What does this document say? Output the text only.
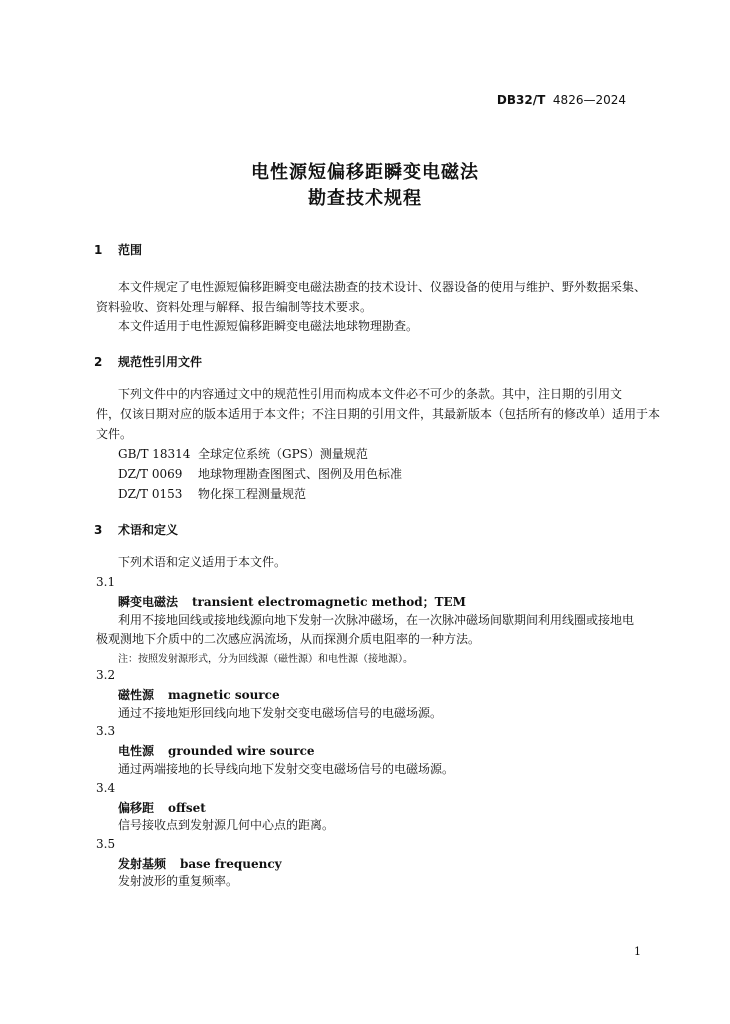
DB32/T 4826—2024
电性源短偏移距瞬变电磁法
勘查技术规程
1 范围
本文件规定了电性源短偏移距瞬变电磁法勘查的技术设计、仪器设备的使用与维护、野外数据采集、
资料验收、资料处理与解释、报告编制等技术要求。
本文件适用于电性源短偏移距瞬变电磁法地球物理勘查。
2 规范性引用文件
下列文件中的内容通过文中的规范性引用而构成本文件必不可少的条款。其中，注日期的引用文
件，仅该日期对应的版本适用于本文件；不注日期的引用文件，其最新版本（包括所有的修改单）适用于本
文件。
GB/T 18314 全球定位系统（GPS）测量规范
DZ/T 0069 地球物理勘查图图式、图例及用色标准
DZ/T 0153 物化探工程测量规范
3 术语和定义
下列术语和定义适用于本文件。
3.1
瞬变电磁法 transient electromagnetic method；TEM
利用不接地回线或接地线源向地下发射一次脉冲磁场，在一次脉冲磁场间歇期间利用线圈或接地电
极观测地下介质中的二次感应涡流场，从而探测介质电阻率的一种方法。
注：按照发射源形式，分为回线源（磁性源）和电性源（接地源）。
3.2
磁性源 magnetic source
通过不接地矩形回线向地下发射交变电磁场信号的电磁场源。
3.3
电性源 grounded wire source
通过两端接地的长导线向地下发射交变电磁场信号的电磁场源。
3.4
偏移距 offset
信号接收点到发射源几何中心点的距离。
3.5
发射基频 base frequency
发射波形的重复频率。
1
